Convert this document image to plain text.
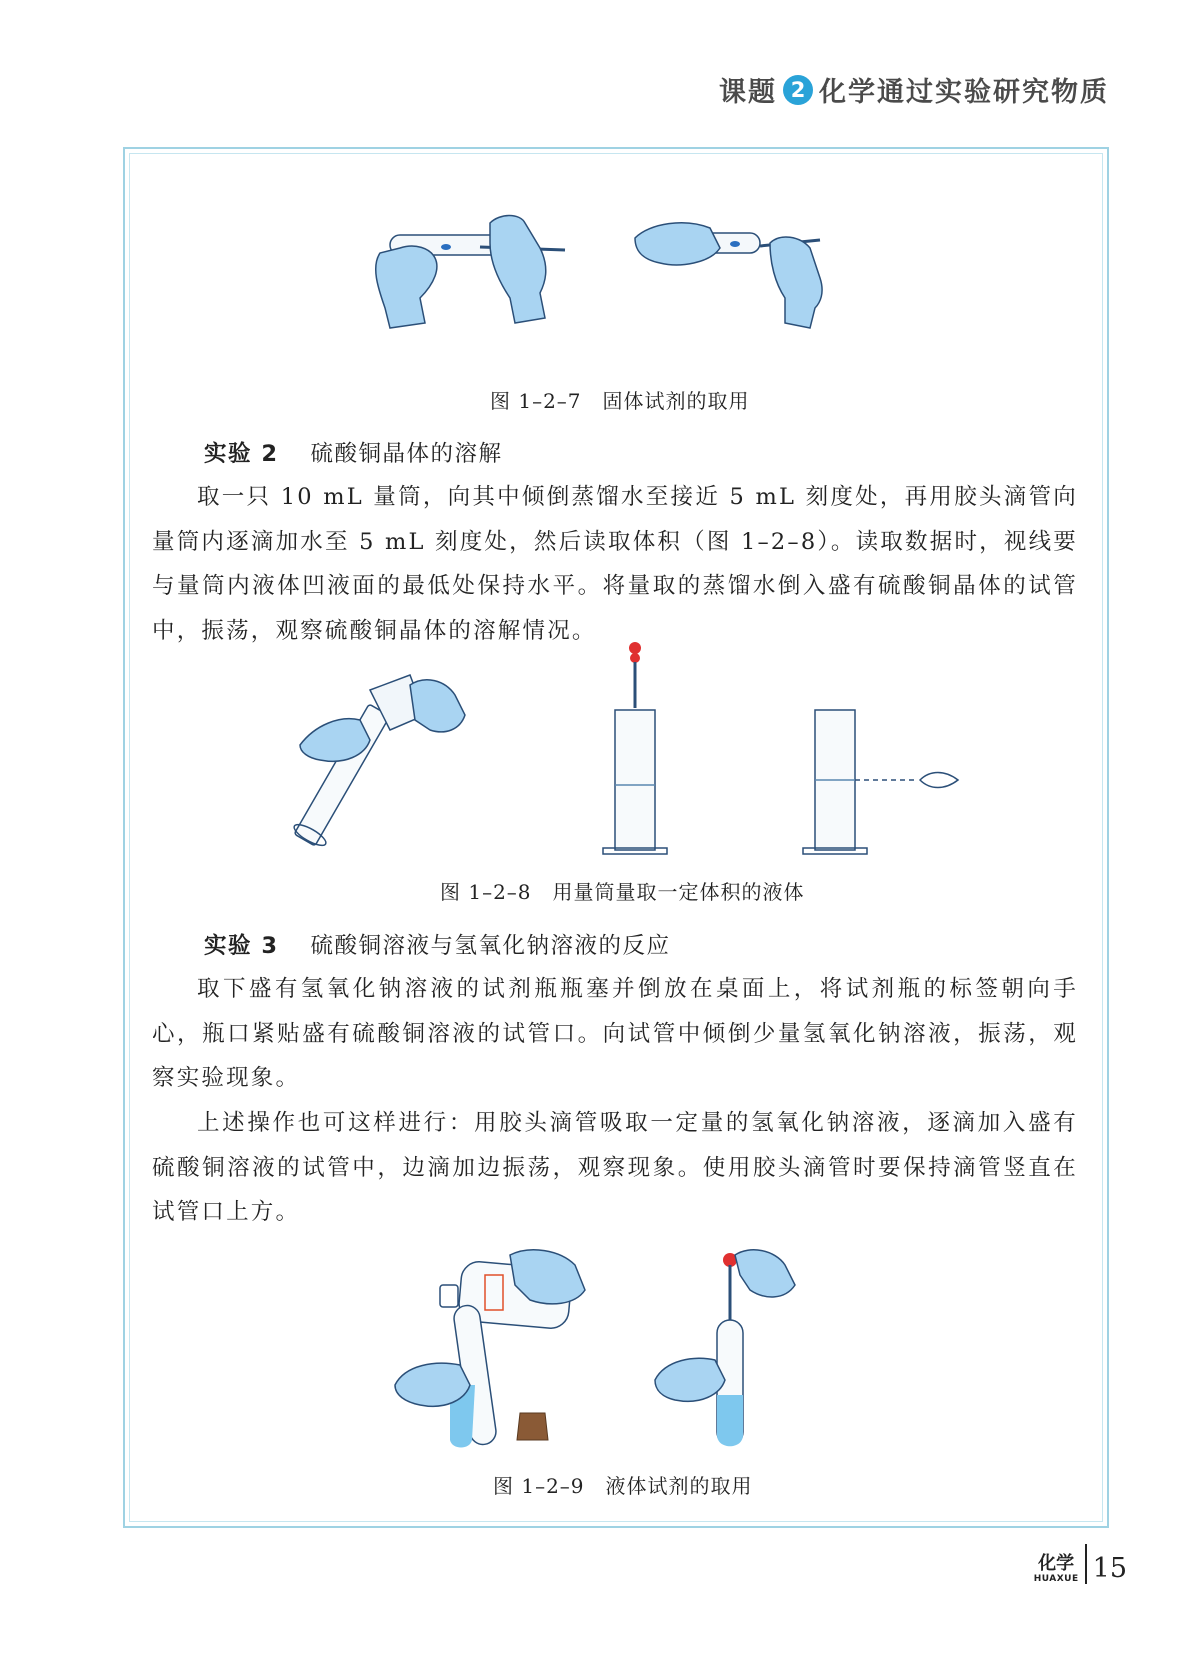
课题 2 化学通过实验研究物质
图 1–2–7　固体试剂的取用
实验 2 硫酸铜晶体的溶解
取一只 10 mL 量筒，向其中倾倒蒸馏水至接近 5 mL 刻度处，再用胶头滴管向量筒内逐滴加水至 5 mL 刻度处，然后读取体积（图 1–2–8）。读取数据时，视线要与量筒内液体凹液面的最低处保持水平。将量取的蒸馏水倒入盛有硫酸铜晶体的试管中，振荡，观察硫酸铜晶体的溶解情况。
图 1–2–8　用量筒量取一定体积的液体
实验 3 硫酸铜溶液与氢氧化钠溶液的反应
取下盛有氢氧化钠溶液的试剂瓶瓶塞并倒放在桌面上，将试剂瓶的标签朝向手心，瓶口紧贴盛有硫酸铜溶液的试管口。向试管中倾倒少量氢氧化钠溶液，振荡，观察实验现象。
上述操作也可这样进行：用胶头滴管吸取一定量的氢氧化钠溶液，逐滴加入盛有硫酸铜溶液的试管中，边滴加边振荡，观察现象。使用胶头滴管时要保持滴管竖直在试管口上方。
图 1–2–9　液体试剂的取用
化学
HUAXUE 15
